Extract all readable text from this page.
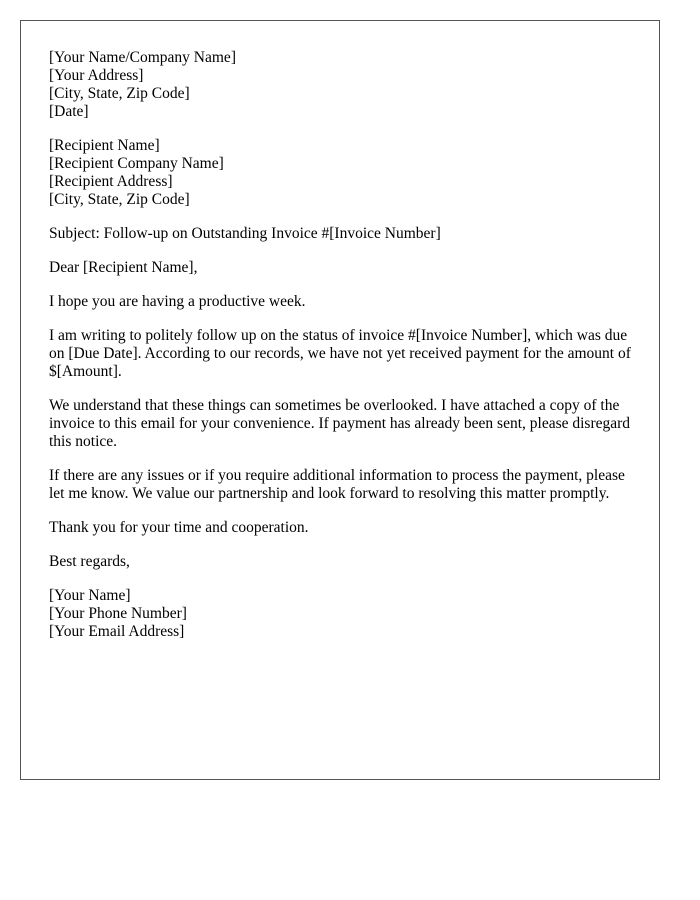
[Your Name/Company Name]
[Your Address]
[City, State, Zip Code]
[Date]
[Recipient Name]
[Recipient Company Name]
[Recipient Address]
[City, State, Zip Code]

Subject: Follow-up on Outstanding Invoice #[Invoice Number]

Dear [Recipient Name],

I hope you are having a productive week.

I am writing to politely follow up on the status of invoice #[Invoice Number], which was due on [Due Date]. According to our records, we have not yet received payment for the amount of $[Amount].

We understand that these things can sometimes be overlooked. I have attached a copy of the invoice to this email for your convenience. If payment has already been sent, please disregard this notice.

If there are any issues or if you require additional information to process the payment, please let me know. We value our partnership and look forward to resolving this matter promptly.

Thank you for your time and cooperation.

Best regards,

[Your Name]
[Your Phone Number]
[Your Email Address]
